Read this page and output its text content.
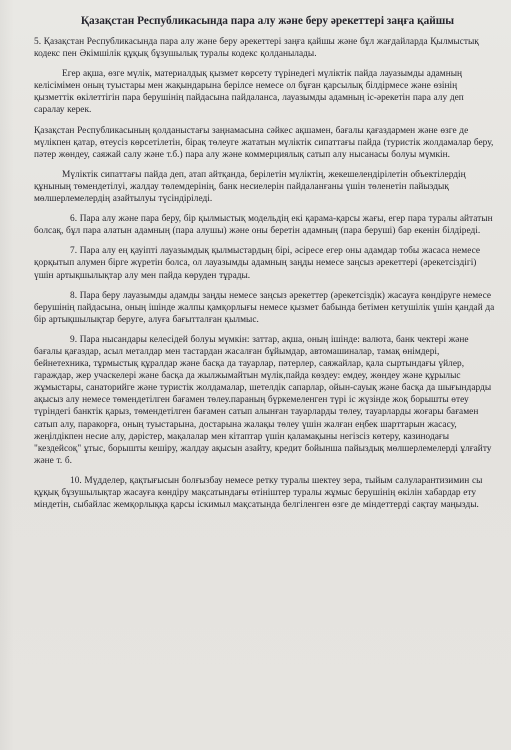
Қазақстан Республикасында пара алу және беру әрекеттері заңға қайшы

5. Қазақстан Республикасында пара алу және беру әрекеттері заңға қайшы және бұл жағдайларда Қылмыстық кодекс пен Әкімшілік құқық бұзушылық туралы кодекс қолданылады.

Егер ақша, өзге мүлік, материалдық қызмет көрсету түрінедегі мүліктік пайда лауазымды адамның келісімімен оның туыстары мен жақындарына берілсе немесе ол бұған қарсылық білдірмесе және өзінің қызметтік өкілеттігін пара берушінің пайдасына пайдаланса, лауазымды адамның іс-әрекетін пара алу деп саралау керек.

Қазақстан Республикасының қолданыстағы заңнамасына сәйкес ақшамен, бағалы қағаздармен және өзге де мүлікпен қатар, өтеусіз көрсетілетін, бірақ төлеуге жататын мүліктік сипаттағы пайда (туристік жолдамалар беру, пәтер жөндеу, саяжай салу және т.б.) пара алу және коммерциялық сатып алу нысанасы болуы мүмкін.

Мүліктік сипаттағы пайда деп, атап айтқанда, берілетін мүліктің, жекешелендірілетін объектілердің құнының төмендетілуі, жалдау төлемдерінің, банк несиелерін пайдаланғаны үшін төленетін пайыздық мөлшерлемелердің азайтылуы түсіндіріледі.

6. Пара алу және пара беру, бір қылмыстық модельдің екі қарама-қарсы жағы, егер пара туралы айтатын болсақ, бұл пара алатын адамның (пара алушы) және оны беретін адамның (пара беруші) бар екенін білдіреді.

7. Пара алу ең қауіпті лауазымдық қылмыстардың бірі, әсіресе егер оны адамдар тобы жасаса немесе қорқытып алумен бірге жүретін болса, ол лауазымды адамның заңды немесе заңсыз әрекеттері (әрекетсіздігі) үшін артықшылықтар алу мен пайда көруден тұрады.

8. Пара беру лауазымды адамды заңды немесе заңсыз әрекеттер (әрекетсіздік) жасауға көндіруге немесе берушінің пайдасына, оның ішінде жалпы қамқорлығы немесе қызмет бабында бетімен кетушілік үшін қандай да бір артықшылықтар беруге, алуға бағытталған қылмыс.

9. Пара нысандары келесідей болуы мүмкін: заттар, ақша, оның ішінде: валюта, банк чектері және бағалы қағаздар, асыл металдар мен тастардан жасалған бұйымдар, автомашиналар, тамақ өнімдері, бейнетехника, тұрмыстық құралдар және басқа да тауарлар, пәтерлер, саяжайлар, қала сыртындағы үйлер, гараждар, жер учаскелері және басқа да жылжымайтын мүлік,пайда көздеу: емдеу, жөндеу және құрылыс жұмыстары, санаторийге және туристік жолдамалар, шетелдік сапарлар, ойын-сауық және басқа да шығындарды ақысыз алу немесе төмендетілген бағамен төлеу.параның бүркемеленген түрі іс жүзінде жоқ борышты өтеу түріндегі банктік қарыз, төмендетілген бағамен сатып алынған тауарларды төлеу, тауарларды жоғары бағамен сатып алу, паракорға, оның туыстарына, достарына жалақы төлеу үшін жалған еңбек шарттарын жасасу, жеңілдікпен несие алу, дәрістер, мақалалар мен кітаптар үшін қаламақыны негізсіз көтеру, казинодағы "кездейсоқ" ұтыс, борышты кешіру, жалдау ақысын азайту, кредит бойынша пайыздық мөлшерлемелерді ұлғайту және т. б.

10. Мүдделер, қақтығысын болғызбау немесе ретку туралы шектеу зера, тыйым салуларантизимин сы құқық бұзушылықтар жасауға көндіру мақсатындағы өтініштер туралы жұмыс берушінің өкілін хабардар ету міндетін, сыбайлас жемқорлыққа қарсы іскимыл мақсатында белгіленген өзге де міндеттерді сақтау маңызды.
